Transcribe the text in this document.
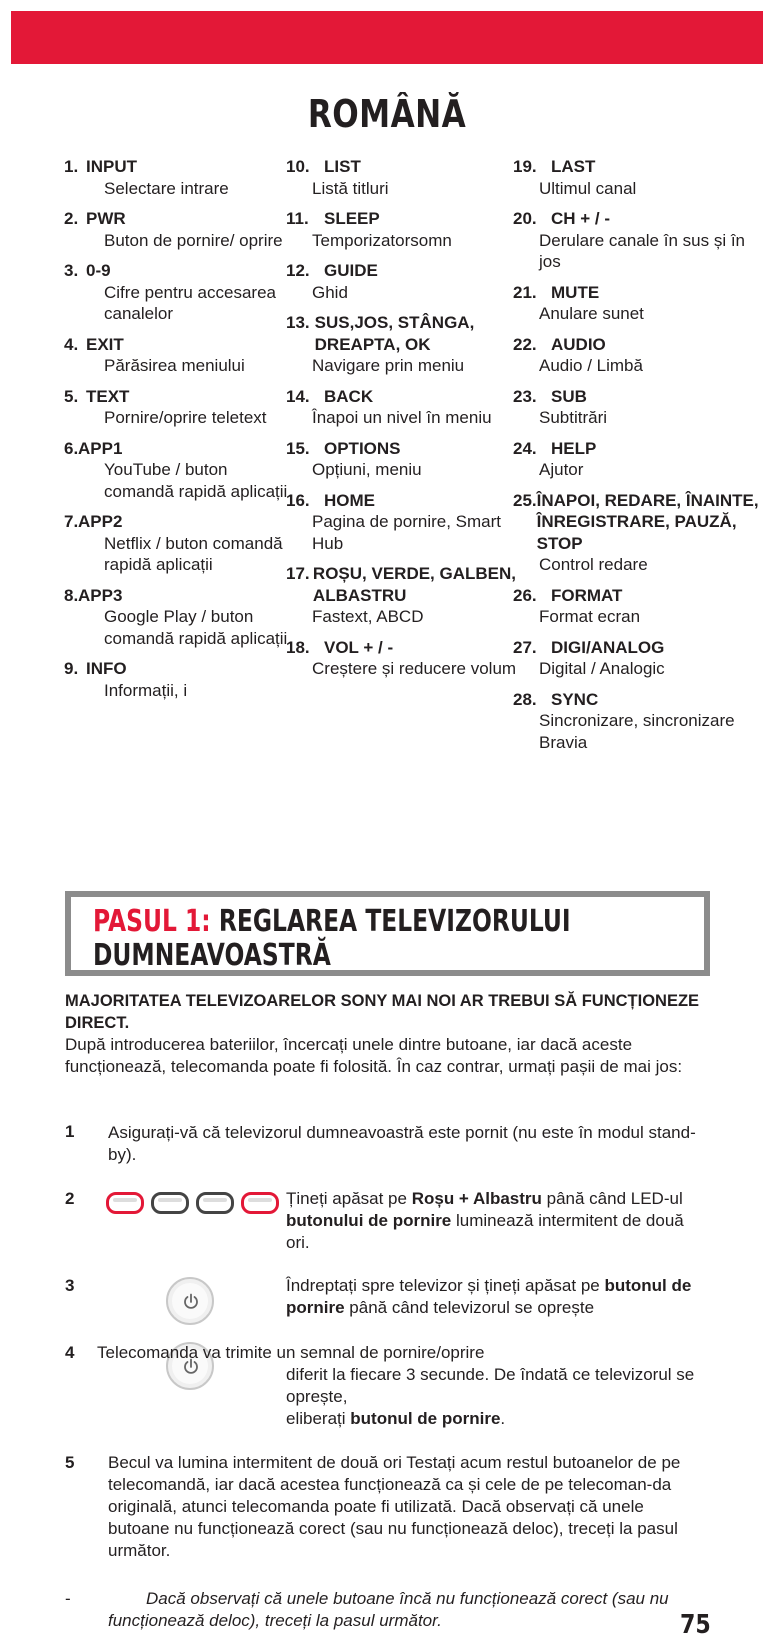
ROMÂNĂ
1. INPUT
Selectare intrare
2. PWR
Buton de pornire/ oprire
3. 0-9
Cifre pentru accesarea canalelor
4. EXIT
Părăsirea meniului
5. TEXT
Pornire/oprire teletext
6. APP1
YouTube / buton comandă rapidă aplicații
7. APP2
Netflix / buton comandă rapidă aplicații
8. APP3
Google Play / buton comandă rapidă aplicații
9. INFO
Informații, i
10. LIST
Listă titluri
11. SLEEP
Temporizatorsomn
12. GUIDE
Ghid
13. SUS,JOS, STÂNGA, DREAPTA, OK
Navigare prin meniu
14. BACK
Înapoi un nivel în meniu
15. OPTIONS
Opțiuni, meniu
16. HOME
Pagina de pornire, Smart Hub
17. ROȘU, VERDE, GALBEN, ALBASTRU
Fastext, ABCD
18. VOL + / -
Creștere și reducere volum
19. LAST
Ultimul canal
20. CH + / -
Derulare canale în sus și în jos
21. MUTE
Anulare sunet
22. AUDIO
Audio / Limbă
23. SUB
Subtitrări
24. HELP
Ajutor
25. ÎNAPOI, REDARE, ÎNAINTE, ÎNREGISTRARE, PAUZĂ, STOP
Control redare
26. FORMAT
Format ecran
27. DIGI/ANALOG
Digital / Analogic
28. SYNC
Sincronizare, sincronizare Bravia
PASUL 1: REGLAREA TELEVIZORULUI
DUMNEAVOASTRĂ
MAJORITATEA TELEVIZOARELOR SONY MAI NOI AR TREBUI SĂ FUNCȚIONEZE DIRECT.
După introducerea bateriilor, încercați unele dintre butoane, iar dacă aceste funcționează, telecomanda poate fi folosită. În caz contrar, urmați pașii de mai jos:
1 Asigurați-vă că televizorul dumneavoastră este pornit (nu este în modul stand-by).
2	Țineți apăsat pe Roșu + Albastru până când LED-ul butonului de pornire luminează intermitent de două ori.
3	Îndreptați spre televizor și țineți apăsat pe butonul de pornire până când televizorul se oprește
4 Telecomanda va trimite un semnal de pornire/oprire
diferit la fiecare 3 secunde. De îndată ce televizorul se oprește,
eliberați butonul de pornire.
5 Becul va lumina intermitent de două ori Testați acum restul butoanelor de pe telecomandă, iar dacă acestea funcționează ca și cele de pe telecoman-da originală, atunci telecomanda poate fi utilizată. Dacă observați că unele butoane nu funcționează corect (sau nu funcționează deloc), treceți la pasul următor.
-	Dacă observați că unele butoane încă nu funcționează corect (sau nu funcționează deloc), treceți la pasul următor.	75
